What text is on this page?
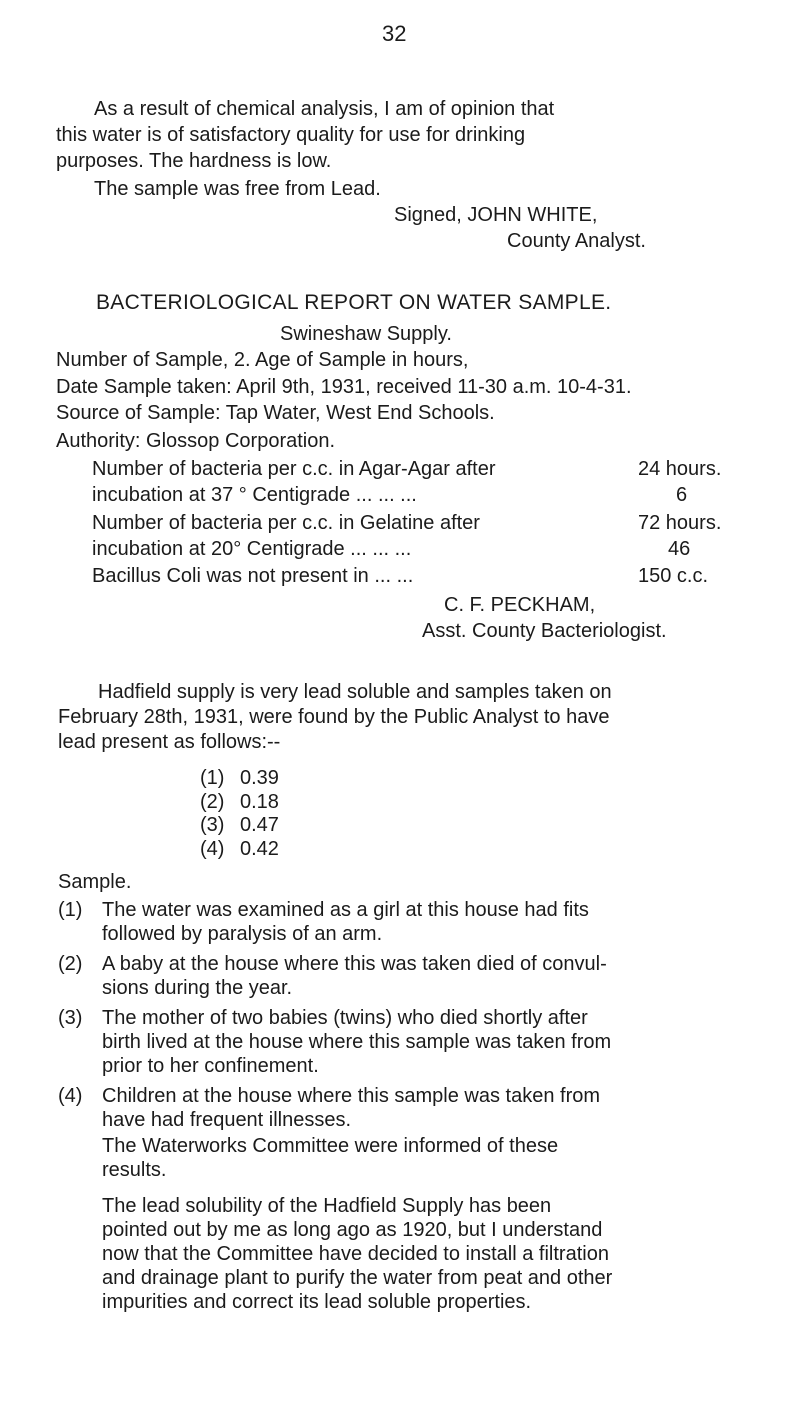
32
As a result of chemical analysis, I am of opinion that
this water is of satisfactory quality for use for drinking
purposes. The hardness is low.
The sample was free from Lead.
Signed, JOHN WHITE,
County Analyst.
BACTERIOLOGICAL REPORT ON WATER SAMPLE.
Swineshaw Supply.
Number of Sample, 2. Age of Sample in hours,
Date Sample taken: April 9th, 1931, received 11-30 a.m. 10-4-31.
Source of Sample: Tap Water, West End Schools.
Authority: Glossop Corporation.
Number of bacteria per c.c. in Agar-Agar after	24 hours.
incubation at 37 ° Centigrade ... ... ...	6
Number of bacteria per c.c. in Gelatine after	72 hours.
incubation at 20° Centigrade ... ... ...	46
Bacillus Coli was not present in ... ...	150 c.c.
C. F. PECKHAM,
Asst. County Bacteriologist.
Hadfield supply is very lead soluble and samples taken on
February 28th, 1931, were found by the Public Analyst to have
lead present as follows:--
(1) 0.39
(2) 0.18
(3) 0.47
(4) 0.42
Sample.
(1) The water was examined as a girl at this house had fits
followed by paralysis of an arm.
(2) A baby at the house where this was taken died of convul-
sions during the year.
(3) The mother of two babies (twins) who died shortly after
birth lived at the house where this sample was taken from
prior to her confinement.
(4) Children at the house where this sample was taken from
have had frequent illnesses.
The Waterworks Committee were informed of these
results.
The lead solubility of the Hadfield Supply has been
pointed out by me as long ago as 1920, but I understand
now that the Committee have decided to install a filtration
and drainage plant to purify the water from peat and other
impurities and correct its lead soluble properties.
